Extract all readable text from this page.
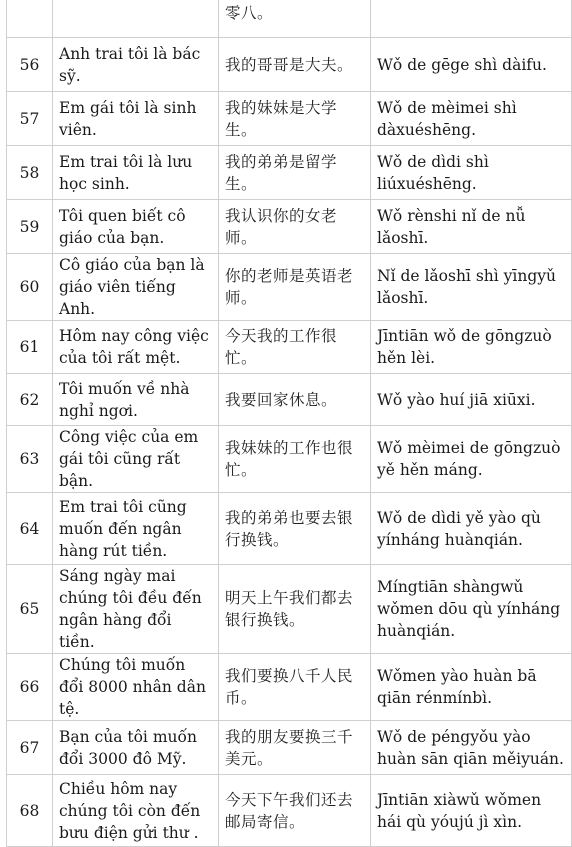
		零八。	
56	Anh trai tôi là bác sỹ.	我的哥哥是大夫。	Wǒ de gēge shì dàifu.
57	Em gái tôi là sinh viên.	我的妹妹是大学生。	Wǒ de mèimei shì dàxuéshēng.
58	Em trai tôi là lưu học sinh.	我的弟弟是留学生。	Wǒ de dìdi shì liúxuéshēng.
59	Tôi quen biết cô giáo của bạn.	我认识你的女老师。	Wǒ rènshi nǐ de nǚ lǎoshī.
60	Cô giáo của bạn là giáo viên tiếng Anh.	你的老师是英语老师。	Nǐ de lǎoshī shì yīngyǔ lǎoshī.
61	Hôm nay công việc của tôi rất mệt.	今天我的工作很忙。	Jīntiān wǒ de gōngzuò hěn lèi.
62	Tôi muốn về nhà nghỉ ngơi.	我要回家休息。	Wǒ yào huí jiā xiūxi.
63	Công việc của em gái tôi cũng rất bận.	我妹妹的工作也很忙。	Wǒ mèimei de gōngzuò yě hěn máng.
64	Em trai tôi cũng muốn đến ngân hàng rút tiền.	我的弟弟也要去银行换钱。	Wǒ de dìdi yě yào qù yínháng huànqián.
65	Sáng ngày mai chúng tôi đều đến ngân hàng đổi tiền.	明天上午我们都去银行换钱。	Míngtiān shàngwǔ wǒmen dōu qù yínháng huànqián.
66	Chúng tôi muốn đổi 8000 nhân dân tệ.	我们要换八千人民币。	Wǒmen yào huàn bā qiān rénmínbì.
67	Bạn của tôi muốn đổi 3000 đô Mỹ.	我的朋友要换三千美元。	Wǒ de péngyǒu yào huàn sān qiān měiyuán.
68	Chiều hôm nay chúng tôi còn đến bưu điện gửi thư .	今天下午我们还去邮局寄信。	Jīntiān xiàwǔ wǒmen hái qù yóujú jì xìn.
